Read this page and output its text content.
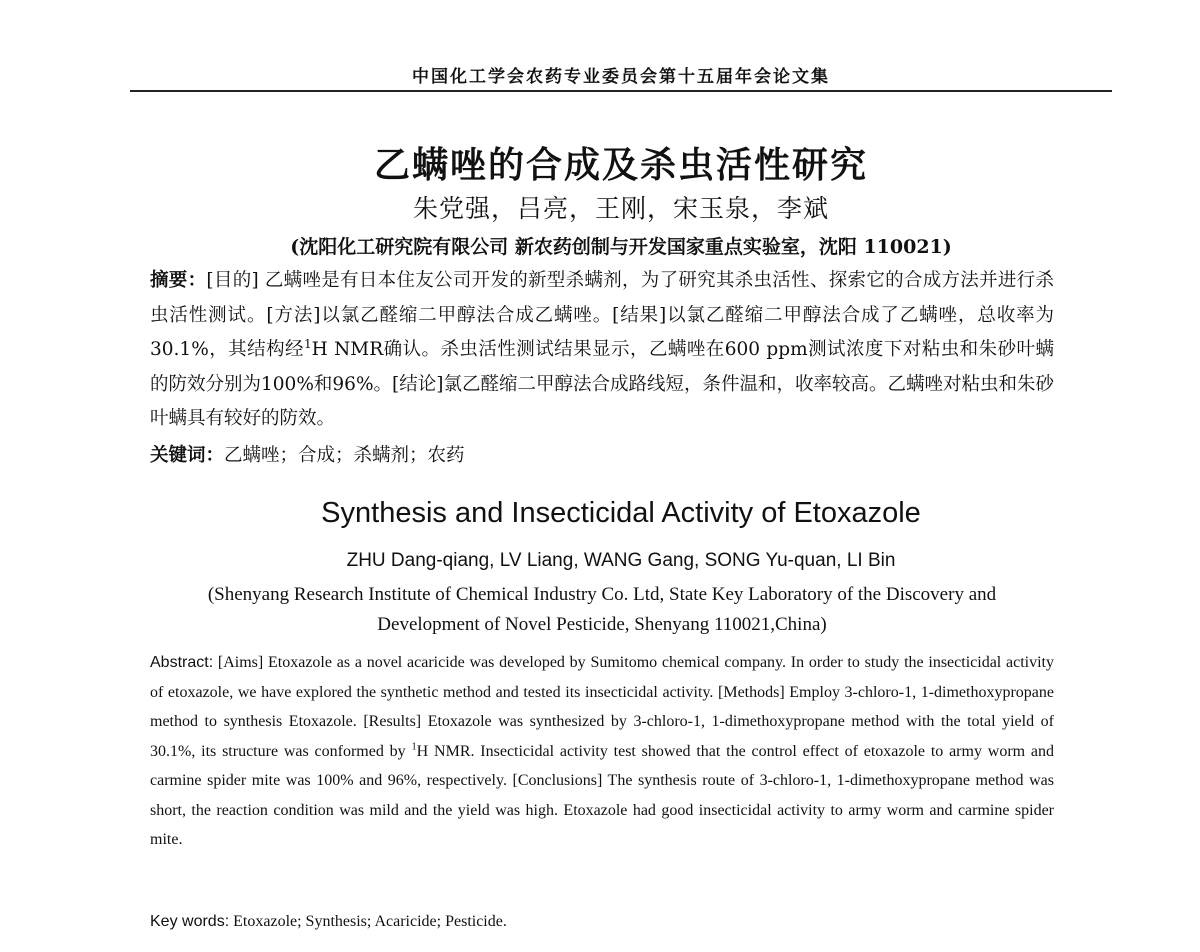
中国化工学会农药专业委员会第十五届年会论文集
乙螨唑的合成及杀虫活性研究
朱党强，吕亮，王刚，宋玉泉，李斌
(沈阳化工研究院有限公司 新农药创制与开发国家重点实验室，沈阳 110021)
摘要：[目的] 乙螨唑是有日本住友公司开发的新型杀螨剂，为了研究其杀虫活性、探索它的合成方法并进行杀虫活性测试。[方法]以氯乙醛缩二甲醇法合成乙螨唑。[结果]以氯乙醛缩二甲醇法合成了乙螨唑，总收率为30.1%，其结构经$^1$H NMR确认。杀虫活性测试结果显示，乙螨唑在600 ppm测试浓度下对粘虫和朱砂叶螨的防效分别为100%和96%。[结论]氯乙醛缩二甲醇法合成路线短，条件温和，收率较高。乙螨唑对粘虫和朱砂叶螨具有较好的防效。
关键词：乙螨唑；合成；杀螨剂；农药
Synthesis and Insecticidal Activity of Etoxazole
ZHU Dang-qiang, LV Liang, WANG Gang, SONG Yu-quan, LI Bin
(Shenyang Research Institute of Chemical Industry Co. Ltd, State Key Laboratory of the Discovery and
Development of Novel Pesticide, Shenyang 110021,China)
Abstract: [Aims] Etoxazole as a novel acaricide was developed by Sumitomo chemical company. In order to study the insecticidal activity of etoxazole, we have explored the synthetic method and tested its insecticidal activity. [Methods] Employ 3-chloro-1, 1-dimethoxypropane method to synthesis Etoxazole. [Results] Etoxazole was synthesized by 3-chloro-1, 1-dimethoxypropane method with the total yield of 30.1%, its structure was conformed by $^1$H NMR. Insecticidal activity test showed that the control effect of etoxazole to army worm and carmine spider mite was 100% and 96%, respectively. [Conclusions] The synthesis route of 3-chloro-1, 1-dimethoxypropane method was short, the reaction condition was mild and the yield was high. Etoxazole had good insecticidal activity to army worm and carmine spider mite.
Key words: Etoxazole; Synthesis; Acaricide; Pesticide.
